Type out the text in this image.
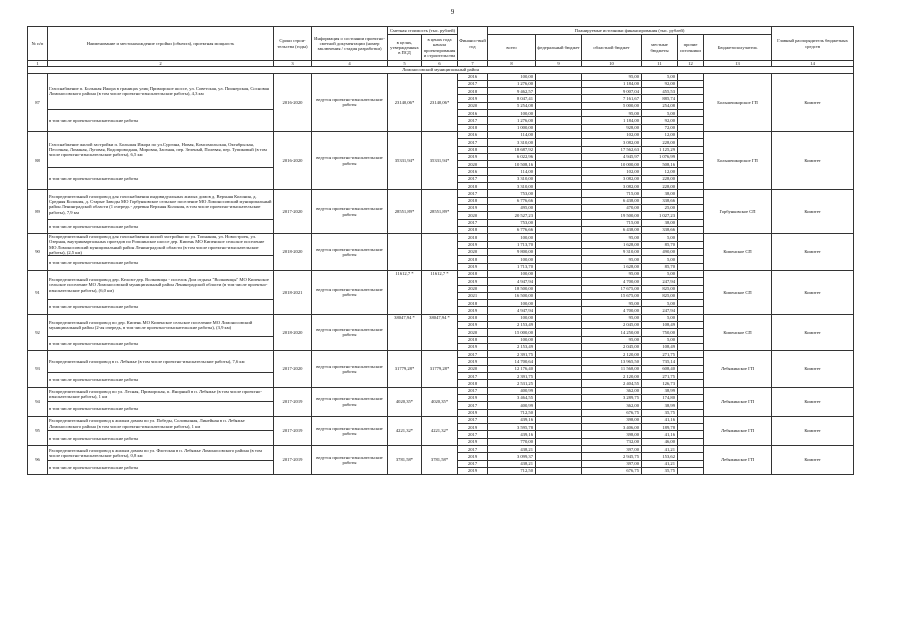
9
№ п/п	Наименование и местонахождение стройки (объекта), проектная мощность	Сроки строи-тельства (годы)	Информация о состоянии проектно-сметной документации (номер заключения / стадия разработки)	Сметная стоимость (тыс. рублей)		Финансо-вый год	Планируемые источники финансирования (тыс. рублей)						Главный распорядитель бюджетных средств
				в целях, утвержденных в ПСД	в ценах года начала проектирования и строительства		всего	федеральный бюджет	областной бюджет	местные бюджеты	прочие источники	Бюджетополучатель	
1	2	3	4	5	6	7	8	9	10	11	12	13	14
Ломоносовский муниципальный район													
87	Газоснабжение п. Большая Ижора в границах улиц Приморское шоссе, ул. Советская, ул. Пионерская, Сосновая Ломоносовского района (в том числе проектно-изыскательские работы), 4,3 км	2016-2020	ведутся проектно-изыскательские работы	23140,06*	23140,06*	2016	100,00		95,00	5,00		Большеижорское ГП	Комитет
						2017	1 276,00		1 184,00	92,00			
						2018	9 462,57		9 007,04	455,53			
						2019	8 047,41		7 161,67	885,74			
						2020	5 254,08		5 000,00	254,08			
	в том числе проектно-изыскательские работы					2016	100,00		95,00	5,00			
						2017	1 276,00		1 184,00	92,00			
						2018	1 000,00		928,00	72,00			
88	Газоснабжение жилой застройки п. Большая Ижора по ул.Сургина, Новая, Комсомольская, Октябрьская, Песочная, Ломаная, Луговая, Водопроводная, Мировая, Заозная, пер. Зеленый, Полевая, пер. Тупиковый (в том числе проектно-изыскательские работы), 6,5 км	2016-2020	ведутся проектно-изыскательские работы	35331,94*	35331,94*	2016	114,00		102,00	12,00		Большеижорское ГП	Комитет
						2017	3 310,00		3 082,00	228,00			
						2018	18 687,92		17 562,63	1 125,29			
						2019	6 022,96		4 945,97	1 076,99			
						2020	10 508,16		10 000,00	508,16			
	в том числе проектно-изыскательские работы					2016	114,00		102,00	12,00			
						2017	3 310,00		3 082,00	228,00			
						2018	3 310,00		3 082,00	228,00			
89	Распределительный газопровод для газоснабжения индивидуальных жилых домов д. Верхняя Колония, д. Средняя Колония, д. Старые Заводы МО Горбунковское сельское поселение МО Ломоносовский муниципальный район Ленинградской области (1 очередь - деревня Верхняя Колония, в том числе проектно-изыскательские работы), 7,9 км	2017-2020	ведутся проектно-изыскательские работы	28551,89*	28551,89*	2017	753,00		715,00	38,00		Горбунковское СП	Комитет
						2018	6 776,66		6 438,00	338,66			
						2019	495,00		470,00	25,00			
						2020	20 527,23		19 500,00	1 027,23			
	в том числе проектно-изыскательские работы					2017	753,00		715,00	38,00			
						2018	6 776,66		6 438,00	338,66			
90	Распределительный газопровод для газоснабжения жилой застройки по ул. Топнания, ул. Новостроек, ул. Озерная, внутриквартальных проездов по Ропшинское шоссе дер. Кипень МО Кипенское сельское поселение МО Ломоносовский муниципальный район Ленинградской области (в том числе проектно-изыскательские работы), (2,5 км)	2018-2020	ведутся проектно-изыскательские работы			2018	100,00		95,00	5,00		Кипенское СП	Комитет
						2019	1 713,70		1 628,00	85,70			
						2020	9 800,00		9 310,00	490,00			
	в том числе проектно-изыскательские работы					2018	100,00		95,00	5,00			
						2019	1 713,70		1 628,00	85,70			
91	Распределительный газопровод дер. Келози-дер. Волковицы - поселок Дом отдыха "Волковицы" МО Кипенское сельское поселение МО Ломоносовский муниципальный район Ленинградской области (в том числе проектно-изыскательские работы), (6,0 км)	2018-2021	ведутся проектно-изыскательские работы	11612,7 *	11612,7 *	2018	100,00		95,00	5,00		Кипенское СП	Комитет
						2019	4 947,94		4 700,00	247,94			
						2020	18 500,00		17 675,00	825,00			
						2021	16 500,00		15 675,00	825,00			
	в том числе проектно-изыскательские работы					2018	100,00		95,00	5,00			
						2019	4 947,94		4 700,00	247,94			
92	Распределительный газопровод по дер. Кипень МО Кипенское сельское поселение МО Ломоносовский муниципальный район (2-ая очередь, в том числе проектно-изыскательские работы), (3,9 км)	2018-2020	ведутся проектно-изыскательские работы	38047,94 *	38047,94 *	2018	100,00		95,00	5,00		Кипенское СП	Комитет
						2019	2 153,49		2 045,00	108,49			
						2020	15 000,00		14 250,00	750,00			
	в том числе проектно-изыскательские работы					2018	100,00		95,00	5,00			
						2019	2 153,49		2 045,00	108,49			
93	Распределительный газопровод в п. Лебяжье (в том числе проектно-изыскательские работы), 7,6 км	2017-2020	ведутся проектно-изыскательские работы	31779,28*	31779,28*	2017	2 391,75		2 120,00	271,75		Лебяжинское ГП	Комитет
						2019	14 700,64		13 965,50	735,14			
						2020	12 176,40		11 568,00	608,40			
	в том числе проектно-изыскательские работы					2017	2 391,75		2 120,00	271,75			
						2018	2 531,25		2 404,55	126,73			
94	Распределительный газопровод по ул. Лесная, Приморская, п. Янорный в п. Лебяжье (в том числе проектно-изыскательские работы), 1 км	2017-2019	ведутся проектно-изыскательские работы	4020,35*	4020,35*	2017	400,99		362,00	38,99		Лебяжинское ГП	Комитет
						2019	3 464,55		3 289,75	174,80			
	в том числе проектно-изыскательские работы					2017	400,99		362,00	38,99			
						2019	712,50		676,75	35,75			
95	Распределительный газопровод к жилым домам по ул. Победы, Соловьиная, Линейная в п. Лебяжье Ломоносовского района (в том числе проектно-изыскательские работы), 1 км	2017-2019	ведутся проектно-изыскательские работы	4221,32*	4221,32*	2017	439,16		398,00	41,16		Лебяжинское ГП	Комитет
						2019	3 595,78		3 406,00	189,78			
	в том числе проектно-изыскательские работы					2017	439,16		398,00	41,16			
						2019	770,00		732,00	46,00			
96	Распределительный газопровод к жилым домам по ул. Флотская в п. Лебяжье Ломоносовского района (в том числе проектно-изыскательские работы), 0,8 км	2017-2019	ведутся проектно-изыскательские работы	3781,58*	3781,58*	2017	438,21		397,00	41,21		Лебяжинское ГП	Комитет
						2019	3 099,37		2 945,75	153,62			
	в том числе проектно-изыскательские работы					2017	438,21		397,00	41,21			
						2019	712,50		676,75	35,75			
